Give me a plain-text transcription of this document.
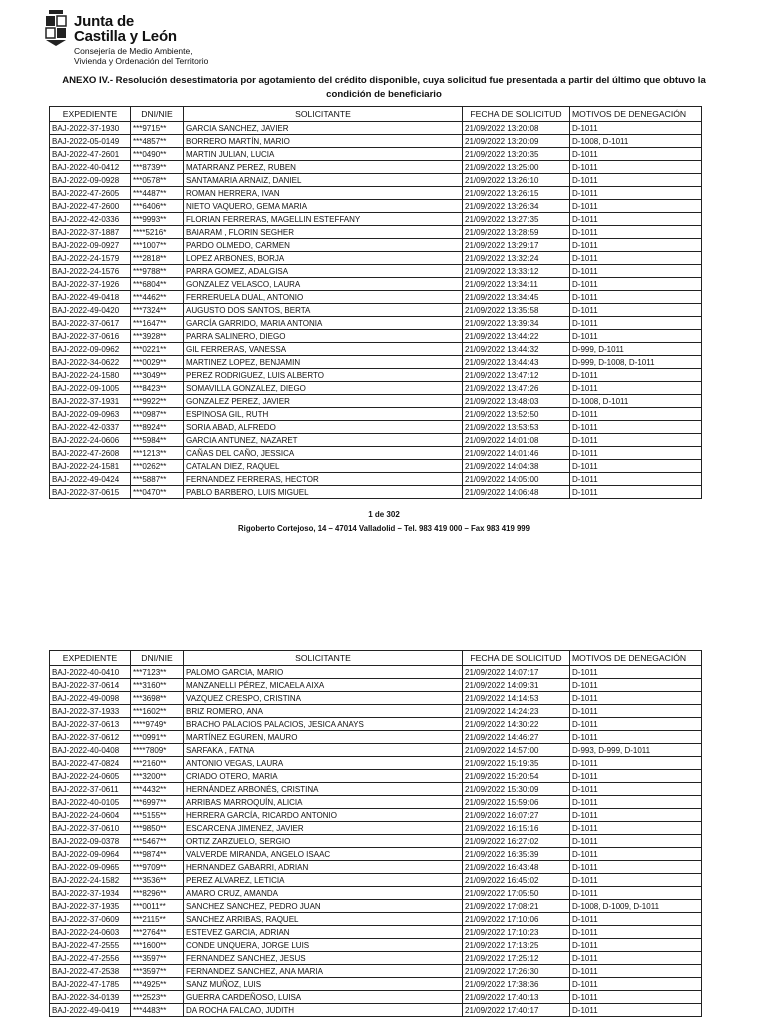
Junta de
Castilla y León
Consejería de Medio Ambiente,
Vivienda y Ordenación del Territorio
ANEXO IV.- Resolución desestimatoria por agotamiento del crédito disponible, cuya solicitud fue presentada a partir del último que obtuvo la condición de beneficiario
EXPEDIENTE	DNI/NIE	SOLICITANTE	FECHA DE SOLICITUD	MOTIVOS DE DENEGACIÓN
BAJ-2022-37-1930	***9715**	GARCIA SANCHEZ, JAVIER	21/09/2022 13:20:08	D-1011
BAJ-2022-05-0149	***4857**	BORRERO MARTÍN, MARIO	21/09/2022 13:20:09	D-1008, D-1011
BAJ-2022-47-2601	***0490**	MARTIN JULIAN, LUCIA	21/09/2022 13:20:35	D-1011
BAJ-2022-40-0412	***8739**	MATARRANZ PEREZ, RUBEN	21/09/2022 13:25:00	D-1011
BAJ-2022-09-0928	***0578**	SANTAMARIA ARNAIZ, DANIEL	21/09/2022 13:26:10	D-1011
BAJ-2022-47-2605	***4487**	ROMAN HERRERA, IVAN	21/09/2022 13:26:15	D-1011
BAJ-2022-47-2600	***6406**	NIETO VAQUERO, GEMA MARIA	21/09/2022 13:26:34	D-1011
BAJ-2022-42-0336	***9993**	FLORIAN FERRERAS, MAGELLIN ESTEFFANY	21/09/2022 13:27:35	D-1011
BAJ-2022-37-1887	****5216*	BAIARAM , FLORIN SEGHER	21/09/2022 13:28:59	D-1011
BAJ-2022-09-0927	***1007**	PARDO OLMEDO, CARMEN	21/09/2022 13:29:17	D-1011
BAJ-2022-24-1579	***2818**	LOPEZ ARBONES, BORJA	21/09/2022 13:32:24	D-1011
BAJ-2022-24-1576	***9788**	PARRA GOMEZ, ADALGISA	21/09/2022 13:33:12	D-1011
BAJ-2022-37-1926	***6804**	GONZALEZ VELASCO, LAURA	21/09/2022 13:34:11	D-1011
BAJ-2022-49-0418	***4462**	FERRERUELA DUAL, ANTONIO	21/09/2022 13:34:45	D-1011
BAJ-2022-49-0420	***7324**	AUGUSTO DOS SANTOS, BERTA	21/09/2022 13:35:58	D-1011
BAJ-2022-37-0617	***1647**	GARCÍA GARRIDO, MARIA ANTONIA	21/09/2022 13:39:34	D-1011
BAJ-2022-37-0616	***3928**	PARRA SALINERO, DIEGO	21/09/2022 13:44:22	D-1011
BAJ-2022-09-0962	***0221**	GIL FERRERAS, VANESSA	21/09/2022 13:44:32	D-999, D-1011
BAJ-2022-34-0622	***0029**	MARTINEZ LOPEZ, BENJAMIN	21/09/2022 13:44:43	D-999, D-1008, D-1011
BAJ-2022-24-1580	***3049**	PEREZ RODRIGUEZ, LUIS ALBERTO	21/09/2022 13:47:12	D-1011
BAJ-2022-09-1005	***8423**	SOMAVILLA GONZALEZ, DIEGO	21/09/2022 13:47:26	D-1011
BAJ-2022-37-1931	***9922**	GONZALEZ PEREZ, JAVIER	21/09/2022 13:48:03	D-1008, D-1011
BAJ-2022-09-0963	***0987**	ESPINOSA GIL, RUTH	21/09/2022 13:52:50	D-1011
BAJ-2022-42-0337	***8924**	SORIA ABAD, ALFREDO	21/09/2022 13:53:53	D-1011
BAJ-2022-24-0606	***5984**	GARCIA ANTUNEZ, NAZARET	21/09/2022 14:01:08	D-1011
BAJ-2022-47-2608	***1213**	CAÑAS DEL CAÑO, JESSICA	21/09/2022 14:01:46	D-1011
BAJ-2022-24-1581	***0262**	CATALAN DIEZ, RAQUEL	21/09/2022 14:04:38	D-1011
BAJ-2022-49-0424	***5887**	FERNANDEZ FERRERAS, HECTOR	21/09/2022 14:05:00	D-1011
BAJ-2022-37-0615	***0470**	PABLO BARBERO, LUIS MIGUEL	21/09/2022 14:06:48	D-1011
1 de 302
Rigoberto Cortejoso, 14 – 47014 Valladolid – Tel. 983 419 000 – Fax 983 419 999
EXPEDIENTE	DNI/NIE	SOLICITANTE	FECHA DE SOLICITUD	MOTIVOS DE DENEGACIÓN
BAJ-2022-40-0410	***7123**	PALOMO GARCIA, MARIO	21/09/2022 14:07:17	D-1011
BAJ-2022-37-0614	***3160**	MANZANELLI PÉREZ, MICAELA AIXA	21/09/2022 14:09:31	D-1011
BAJ-2022-49-0098	***3698**	VAZQUEZ CRESPO, CRISTINA	21/09/2022 14:14:53	D-1011
BAJ-2022-37-1933	***1602**	BRIZ ROMERO, ANA	21/09/2022 14:24:23	D-1011
BAJ-2022-37-0613	****9749*	BRACHO PALACIOS PALACIOS, JESICA ANAYS	21/09/2022 14:30:22	D-1011
BAJ-2022-37-0612	***0991**	MARTÍNEZ EGUREN, MAURO	21/09/2022 14:46:27	D-1011
BAJ-2022-40-0408	****7809*	SARFAKA , FATNA	21/09/2022 14:57:00	D-993, D-999, D-1011
BAJ-2022-47-0824	***2160**	ANTONIO VEGAS, LAURA	21/09/2022 15:19:35	D-1011
BAJ-2022-24-0605	***3200**	CRIADO OTERO, MARIA	21/09/2022 15:20:54	D-1011
BAJ-2022-37-0611	***4432**	HERNÁNDEZ ARBONÉS, CRISTINA	21/09/2022 15:30:09	D-1011
BAJ-2022-40-0105	***6997**	ARRIBAS MARROQUÍN, ALICIA	21/09/2022 15:59:06	D-1011
BAJ-2022-24-0604	***5155**	HERRERA GARCÍA, RICARDO ANTONIO	21/09/2022 16:07:27	D-1011
BAJ-2022-37-0610	***9850**	ESCARCENA JIMENEZ, JAVIER	21/09/2022 16:15:16	D-1011
BAJ-2022-09-0378	***5467**	ORTIZ ZARZUELO, SERGIO	21/09/2022 16:27:02	D-1011
BAJ-2022-09-0964	***9874**	VALVERDE MIRANDA, ANGELO ISAAC	21/09/2022 16:35:39	D-1011
BAJ-2022-09-0965	***9709**	HERNANDEZ GABARRI, ADRIAN	21/09/2022 16:43:48	D-1011
BAJ-2022-24-1582	***3536**	PEREZ ALVAREZ, LETICIA	21/09/2022 16:45:02	D-1011
BAJ-2022-37-1934	***8296**	AMARO CRUZ, AMANDA	21/09/2022 17:05:50	D-1011
BAJ-2022-37-1935	***0011**	SANCHEZ SANCHEZ, PEDRO JUAN	21/09/2022 17:08:21	D-1008, D-1009, D-1011
BAJ-2022-37-0609	***2115**	SANCHEZ ARRIBAS, RAQUEL	21/09/2022 17:10:06	D-1011
BAJ-2022-24-0603	***2764**	ESTEVEZ GARCIA, ADRIAN	21/09/2022 17:10:23	D-1011
BAJ-2022-47-2555	***1600**	CONDE UNQUERA, JORGE LUIS	21/09/2022 17:13:25	D-1011
BAJ-2022-47-2556	***3597**	FERNANDEZ SANCHEZ, JESUS	21/09/2022 17:25:12	D-1011
BAJ-2022-47-2538	***3597**	FERNANDEZ SANCHEZ, ANA MARIA	21/09/2022 17:26:30	D-1011
BAJ-2022-47-1785	***4925**	SANZ MUÑOZ, LUIS	21/09/2022 17:38:36	D-1011
BAJ-2022-34-0139	***2523**	GUERRA CARDEÑOSO, LUISA	21/09/2022 17:40:13	D-1011
BAJ-2022-49-0419	***4483**	DA ROCHA FALCAO, JUDITH	21/09/2022 17:40:17	D-1011
